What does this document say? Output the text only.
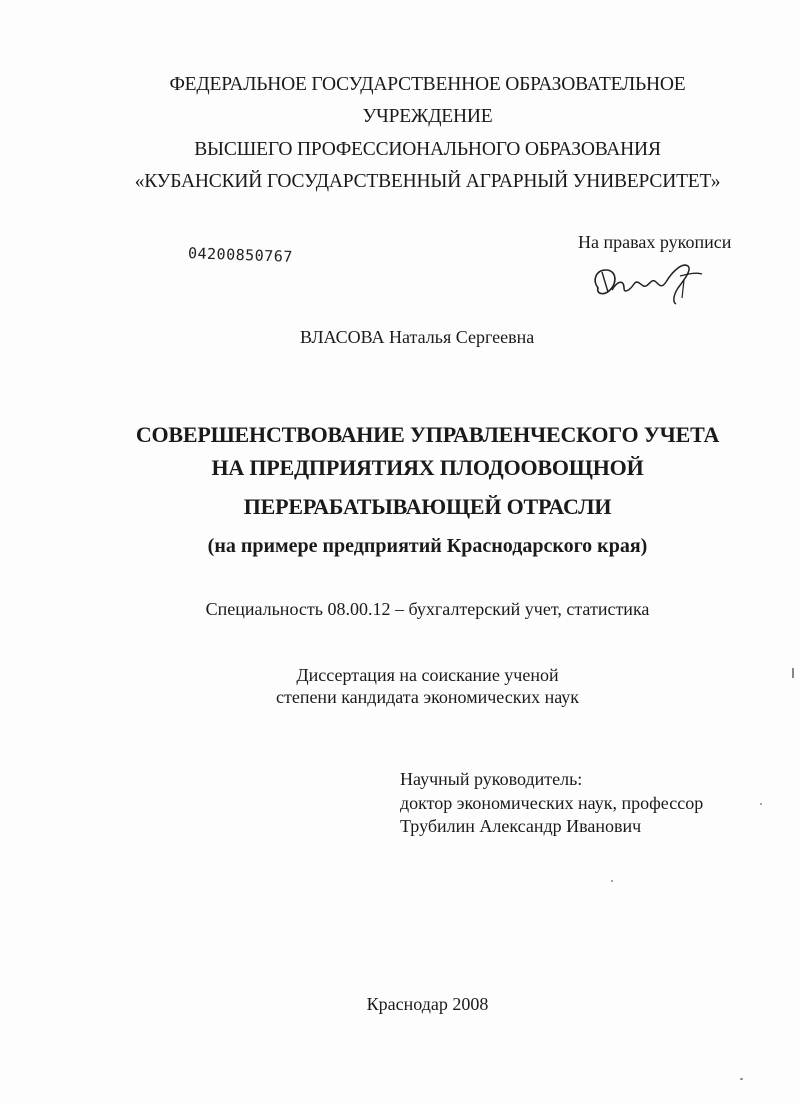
ФЕДЕРАЛЬНОЕ ГОСУДАРСТВЕННОЕ ОБРАЗОВАТЕЛЬНОЕ
УЧРЕЖДЕНИЕ
ВЫСШЕГО ПРОФЕССИОНАЛЬНОГО ОБРАЗОВАНИЯ
«КУБАНСКИЙ ГОСУДАРСТВЕННЫЙ АГРАРНЫЙ УНИВЕРСИТЕТ»
04200850767
На правах рукописи
ВЛАСОВА Наталья Сергеевна
СОВЕРШЕНСТВОВАНИЕ УПРАВЛЕНЧЕСКОГО УЧЕТА
НА ПРЕДПРИЯТИЯХ ПЛОДООВОЩНОЙ
ПЕРЕРАБАТЫВАЮЩЕЙ ОТРАСЛИ
(на примере предприятий Краснодарского края)
Специальность 08.00.12 – бухгалтерский учет, статистика
Диссертация на соискание ученой
степени кандидата экономических наук
Научный руководитель:
доктор экономических наук, профессор
Трубилин Александр Иванович
Краснодар 2008
